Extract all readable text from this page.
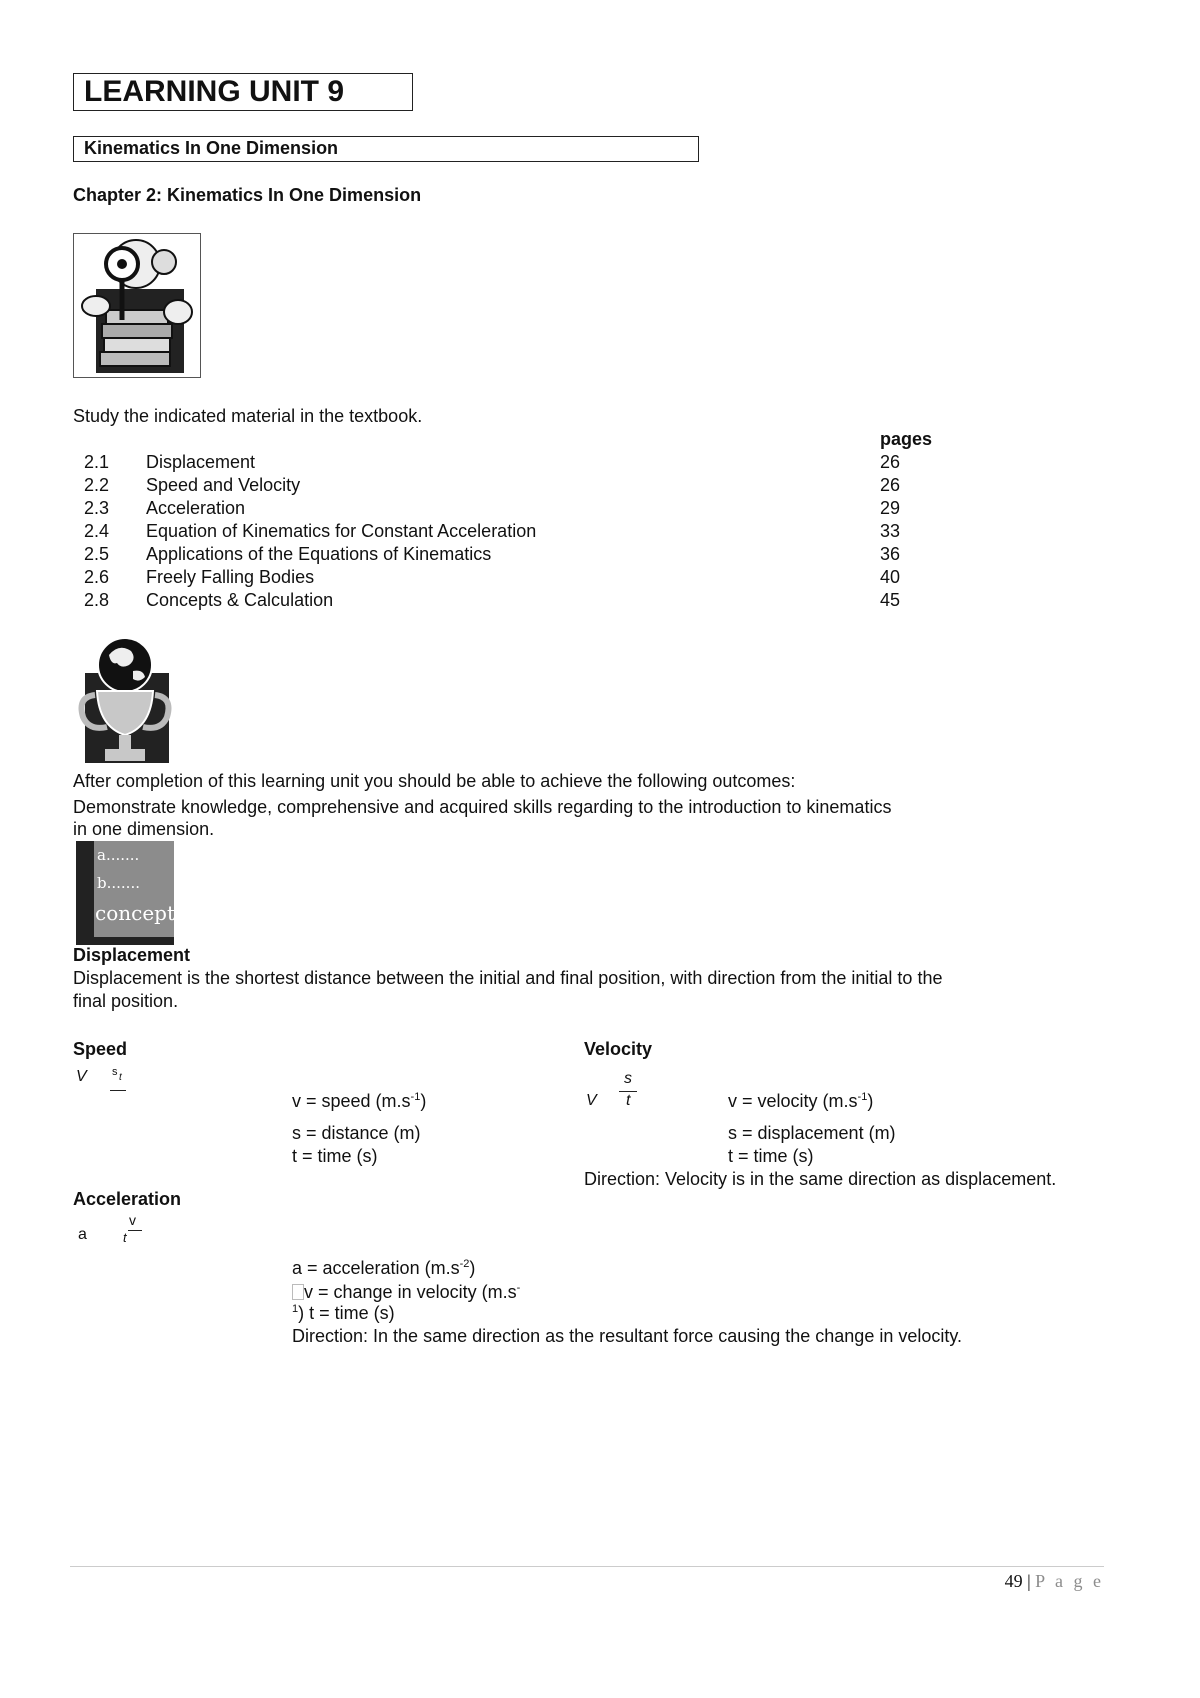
LEARNING UNIT 9
Kinematics In One Dimension
Chapter 2: Kinematics In One Dimension
Study the indicated material in the textbook.
pages
2.1 Displacement	26
2.2 Speed and Velocity	26
2.3 Acceleration	29
2.4 Equation of Kinematics for Constant Acceleration	33
2.5 Applications of the Equations of Kinematics	36
2.6 Freely Falling Bodies	40
2.8 Concepts & Calculation	45
After completion of this learning unit you should be able to achieve the following outcomes:
Demonstrate knowledge, comprehensive and acquired skills regarding to the introduction to kinematics
in one dimension.
a.......
b.......
concept
Displacement
Displacement is the shortest distance between the initial and final position, with direction from the initial to the
final position.
Speed
V s t
v = speed $(m.s^{-1})$
s = distance (m)
t = time (s)
Velocity
V
s
t	v = velocity $(m.s^{-1})$
s = displacement (m)
t = time (s)
Direction: Velocity is in the same direction as displacement.
Acceleration
a
v
t
a = acceleration $(m.s^{-2})$
v = change in velocity (m.s-
$^1$) t = time (s)
Direction: In the same direction as the resultant force causing the change in velocity.
49 | P a g e
